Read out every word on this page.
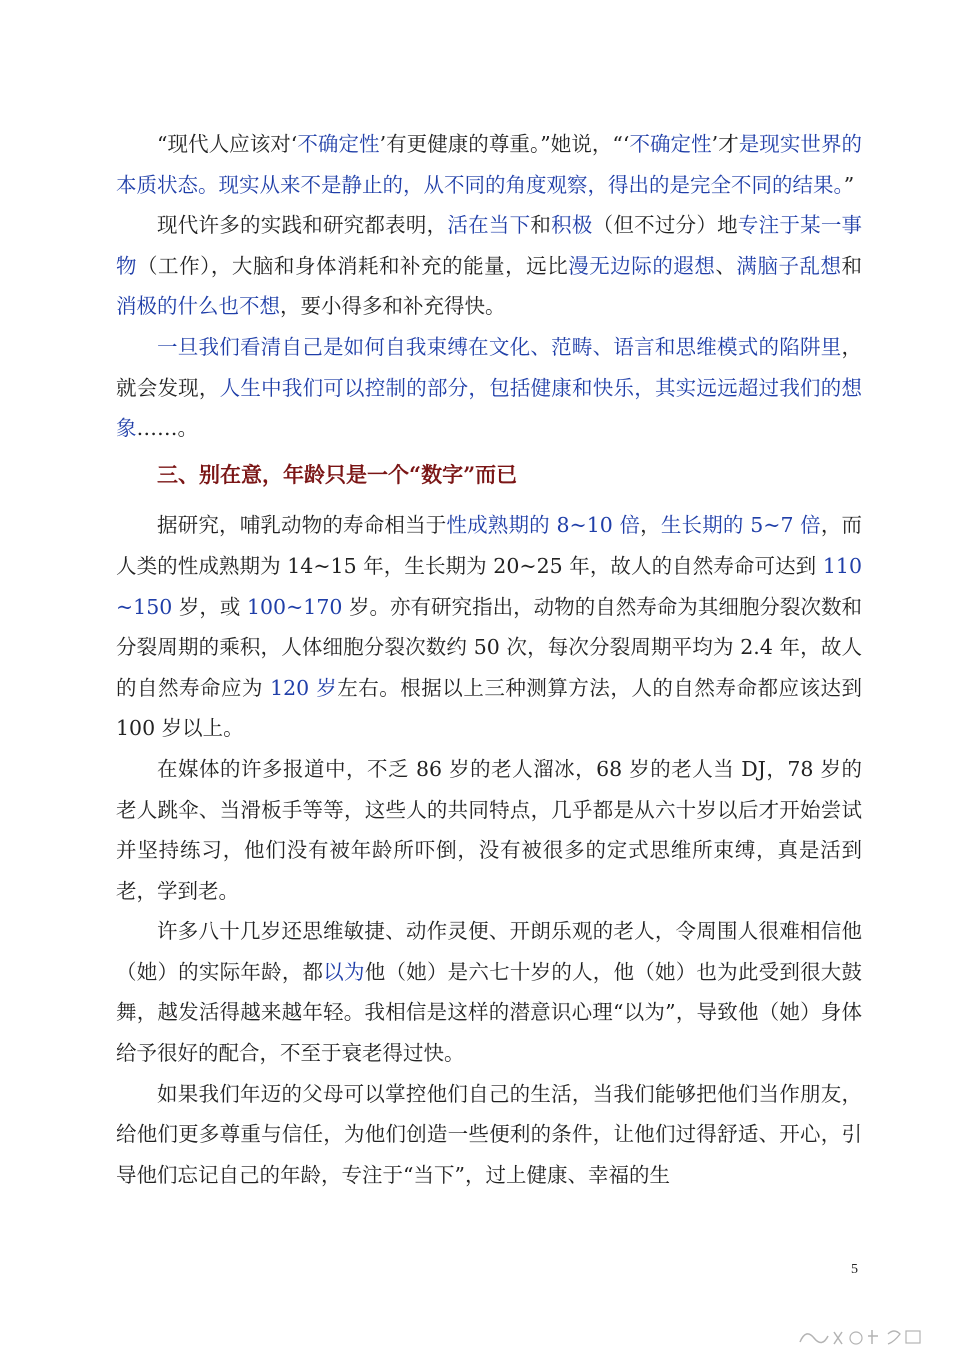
“现代人应该对‘不确定性’有更健康的尊重。”她说，“‘不确定性’才是现实世界的本质状态。现实从来不是静止的，从不同的角度观察，得出的是完全不同的结果。”

现代许多的实践和研究都表明，活在当下和积极（但不过分）地专注于某一事物（工作），大脑和身体消耗和补充的能量，远比漫无边际的遐想、满脑子乱想和消极的什么也不想，要小得多和补充得快。

一旦我们看清自己是如何自我束缚在文化、范畴、语言和思维模式的陷阱里，就会发现，人生中我们可以控制的部分，包括健康和快乐，其实远远超过我们的想象……。

三、别在意，年龄只是一个“数字”而已

据研究，哺乳动物的寿命相当于性成熟期的 8~10 倍，生长期的 5~7 倍，而人类的性成熟期为 14~15 年，生长期为 20~25 年，故人的自然寿命可达到 110~150 岁，或 100~170 岁。亦有研究指出，动物的自然寿命为其细胞分裂次数和分裂周期的乘积，人体细胞分裂次数约 50 次，每次分裂周期平均为 2.4 年，故人的自然寿命应为 120 岁左右。根据以上三种测算方法，人的自然寿命都应该达到 100 岁以上。

在媒体的许多报道中，不乏 86 岁的老人溜冰，68 岁的老人当 DJ，78 岁的老人跳伞、当滑板手等等，这些人的共同特点，几乎都是从六十岁以后才开始尝试并坚持练习，他们没有被年龄所吓倒，没有被很多的定式思维所束缚，真是活到老，学到老。

许多八十几岁还思维敏捷、动作灵便、开朗乐观的老人，令周围人很难相信他（她）的实际年龄，都以为他（她）是六七十岁的人，他（她）也为此受到很大鼓舞，越发活得越来越年轻。我相信是这样的潜意识心理“以为”，导致他（她）身体给予很好的配合，不至于衰老得过快。

如果我们年迈的父母可以掌控他们自己的生活，当我们能够把他们当作朋友，给他们更多尊重与信任，为他们创造一些便利的条件，让他们过得舒适、开心，引导他们忘记自己的年龄，专注于“当下”，过上健康、幸福的生

5
